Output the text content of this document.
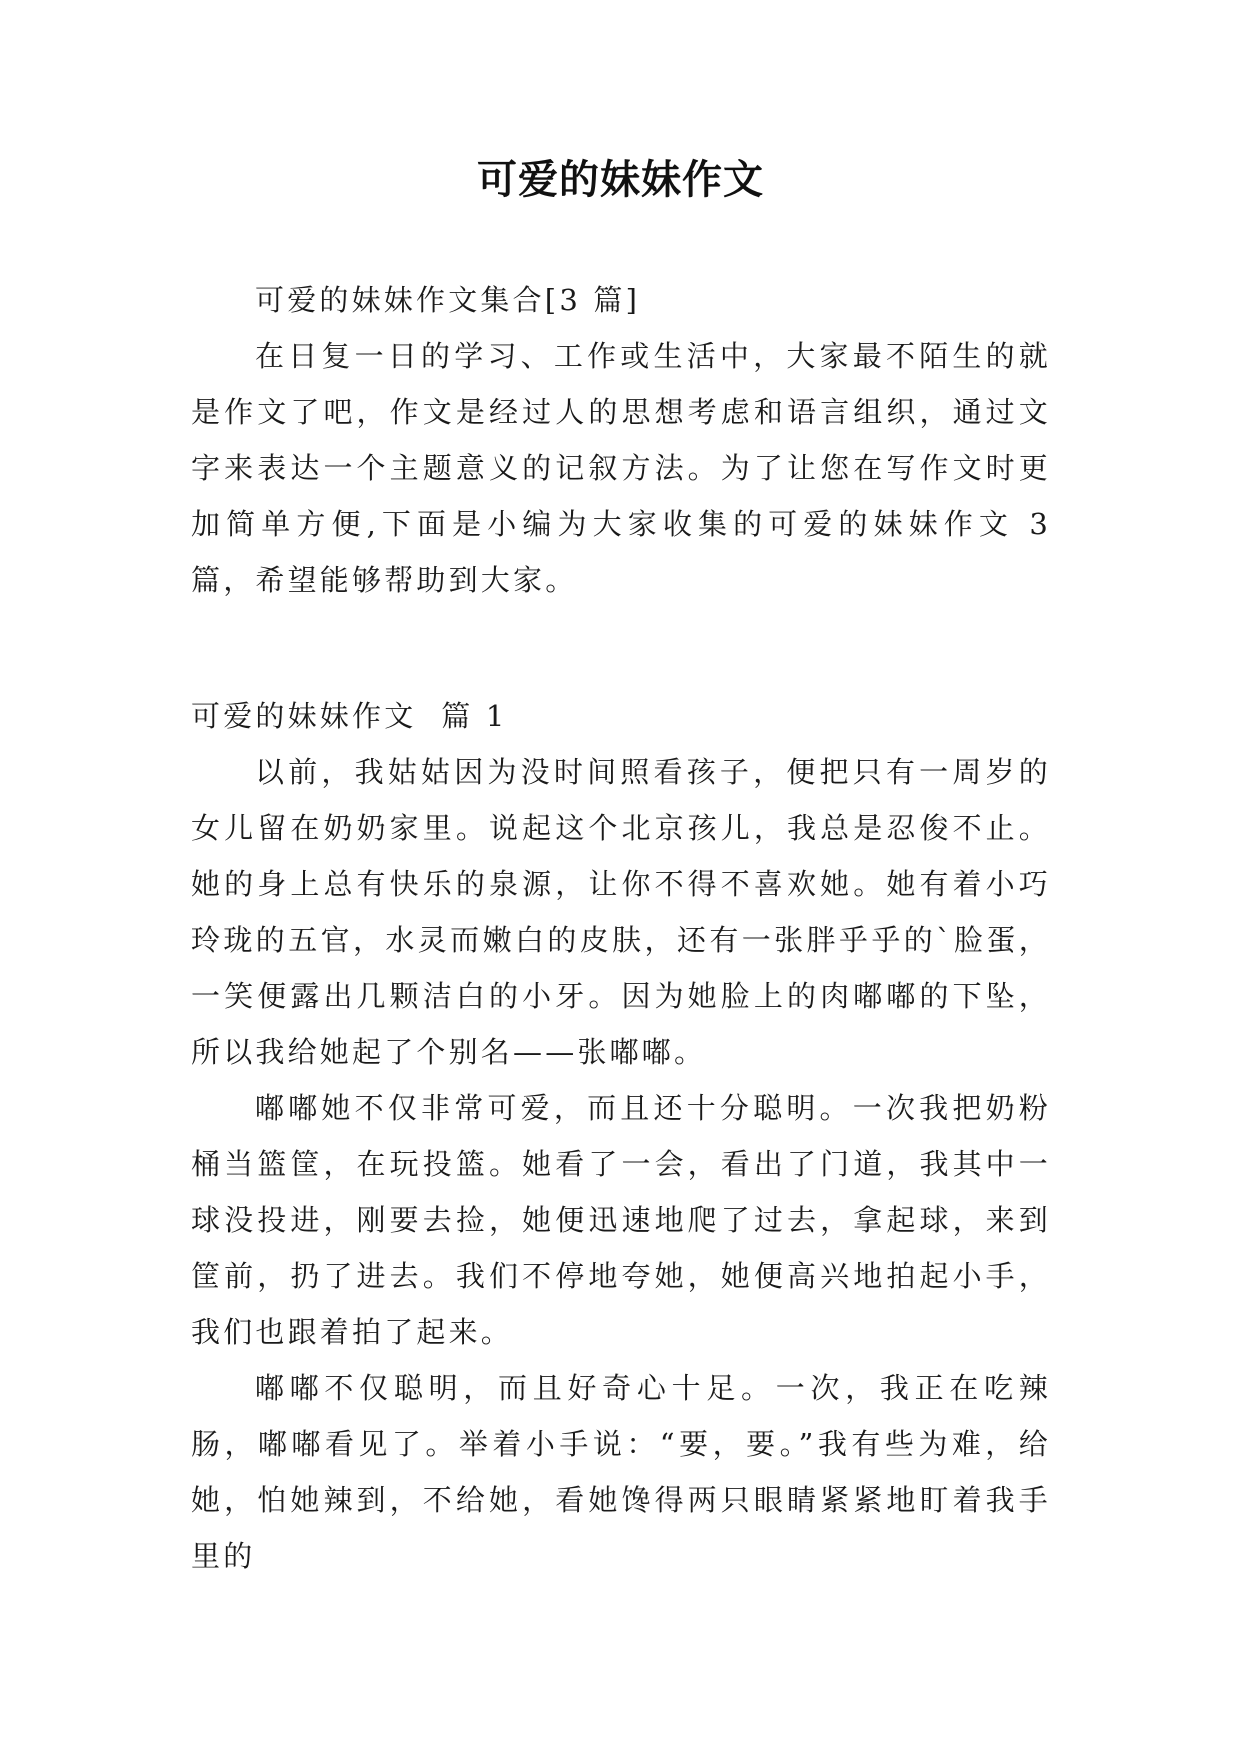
可爱的妹妹作文

可爱的妹妹作文集合[3 篇]

在日复一日的学习、工作或生活中，大家最不陌生的就是作文了吧，作文是经过人的思想考虑和语言组织，通过文字来表达一个主题意义的记叙方法。为了让您在写作文时更加简单方便,下面是小编为大家收集的可爱的妹妹作文 3 篇，希望能够帮助到大家。

可爱的妹妹作文  篇 1

以前，我姑姑因为没时间照看孩子，便把只有一周岁的女儿留在奶奶家里。说起这个北京孩儿，我总是忍俊不止。她的身上总有快乐的泉源，让你不得不喜欢她。她有着小巧玲珑的五官，水灵而嫩白的皮肤，还有一张胖乎乎的`脸蛋，一笑便露出几颗洁白的小牙。因为她脸上的肉嘟嘟的下坠，所以我给她起了个别名——张嘟嘟。

嘟嘟她不仅非常可爱，而且还十分聪明。一次我把奶粉桶当篮筐，在玩投篮。她看了一会，看出了门道，我其中一球没投进，刚要去捡，她便迅速地爬了过去，拿起球，来到筐前，扔了进去。我们不停地夸她，她便高兴地拍起小手，我们也跟着拍了起来。

嘟嘟不仅聪明，而且好奇心十足。一次，我正在吃辣肠，嘟嘟看见了。举着小手说：“要，要。”我有些为难，给她，怕她辣到，不给她，看她馋得两只眼睛紧紧地盯着我手里的
